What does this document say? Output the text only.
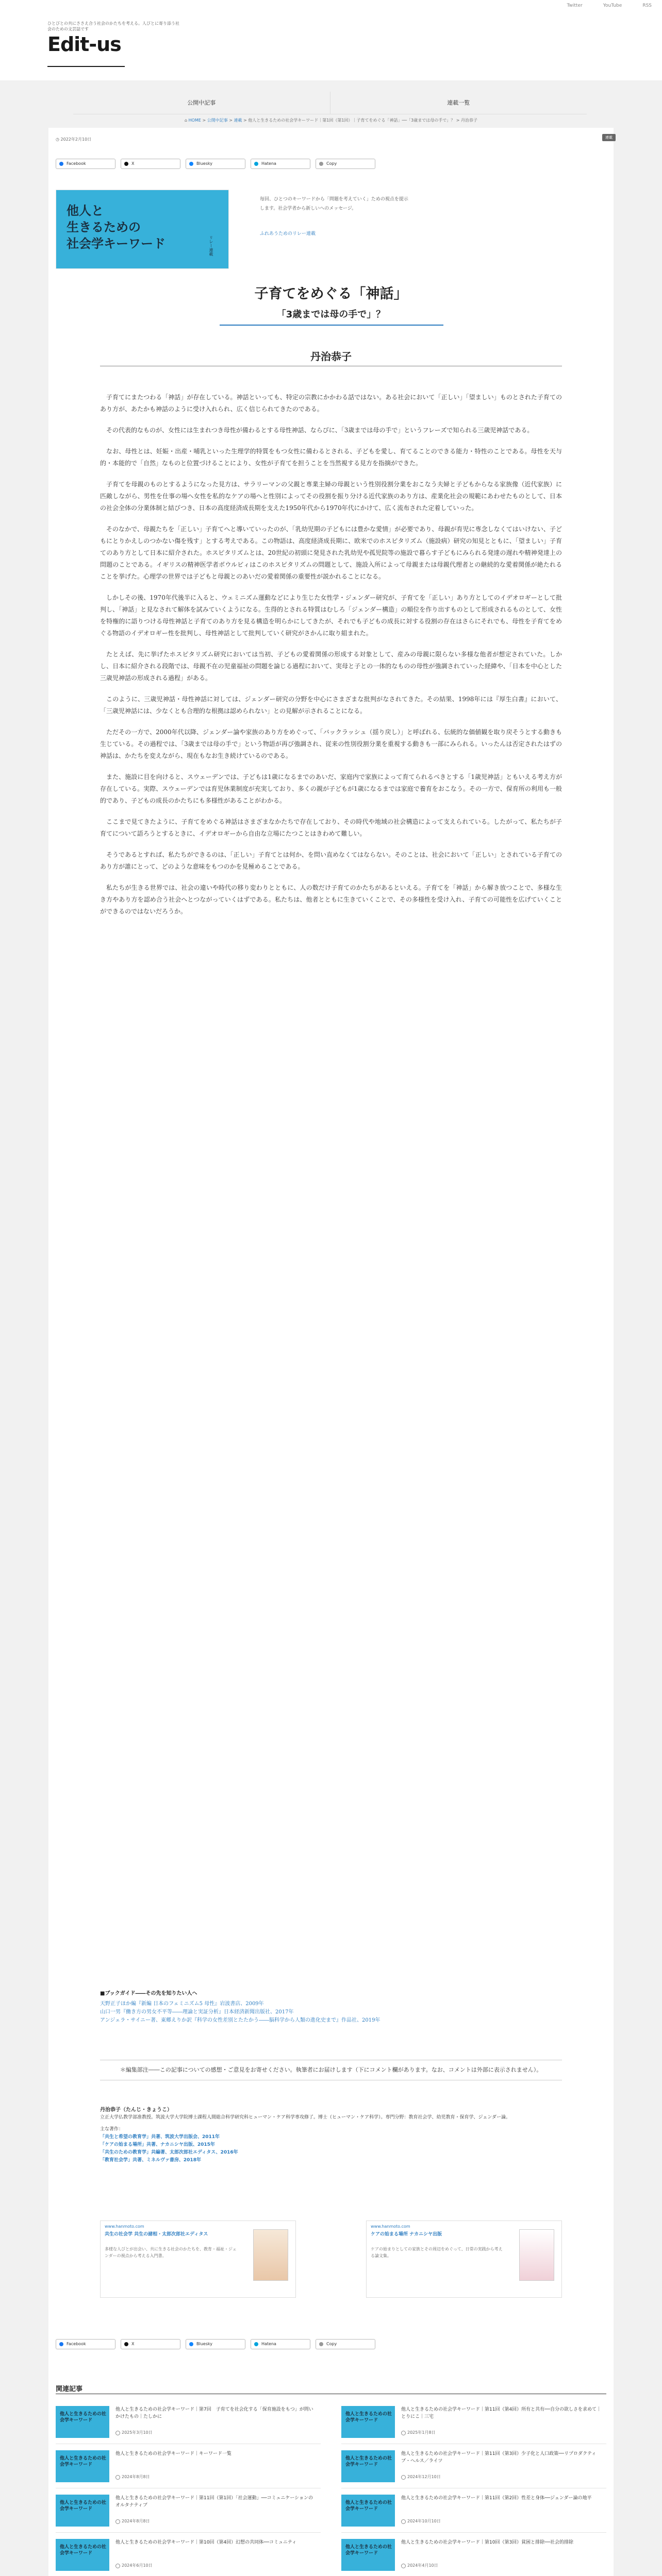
Twitter	YouTube	RSS
ひとびとの共にささえ合う社会のかたちを考える。人びとに寄り添う社会のための文芸誌です
Edit-us
公開中記事	連載一覧
⌂ HOME > 公開中記事 > 連載 > 他人と生きるための社会学キーワード｜第1回（第1回）｜子育てをめぐる「神話」──「3歳までは母の手で」？ > 丹治恭子
◷ 2022年2月10日	連載
Facebook	X	Bluesky	Hatena	Copy
他人と
生きるための
社会学キーワード	リレー連載
毎回、ひとつのキーワードから「問題を考えていく」ための視点を提示します。社会学者から新しいへのメッセージ。
ふれあうためのリレー連載
子育てをめぐる「神話」
「3歳までは母の手で」？
丹治恭子

子育てにまたつわる「神話」が存在している。神話といっても、特定の宗教にかかわる話ではない。ある社会において「正しい」「望ましい」ものとされた子育てのあり方が、あたかも神話のように受け入れられ、広く信じられてきたのである。

その代表的なものが、女性には生まれつき母性が備わるとする母性神話、ならびに、「3歳までは母の手で」というフレーズで知られる三歳児神話である。

なお、母性とは、妊娠・出産・哺乳といった生理学的特質をもつ女性に備わるとされる、子どもを愛し、育てることのできる能力・特性のことである。母性を天与的・本能的で「自然」なものと位置づけることにより、女性が子育てを担うことを当然視する見方を指摘ができた。

子育てを母親のものとするようになった見方は、サラリーマンの父親と専業主婦の母親という性別役割分業をおこなう夫婦と子どもからなる家族像（近代家族）に匹敵しながら、男性を仕事の場へ女性を私的なケアの場へと性別によってその役割を振り分ける近代家族のあり方は、産業化社会の規範にあわせたものとして、日本の社会全体の分業体制と結びつき、日本の高度経済成長期を支えた1950年代から1970年代にかけて、広く流布された定着していった。

そのなかで、母親たちを「正しい」子育てへと導いていったのが、「乳幼児期の子どもには豊かな愛情」が必要であり、母親が育児に専念しなくてはいけない、子どもにとりかえしのつかない傷を残す」とする考えである。この物語は、高度経済成長期に、欧米でのホスピタリズム（施設病）研究の知見とともに、「望ましい」子育てのあり方として日本に紹介された。ホスピタリズムとは、20世紀の初頭に発見された乳幼児や孤児院等の施設で暮らす子どもにみられる発達の遅れや精神発達上の問題のことである。イギリスの精神医学者ボウルビィはこのホスピタリズムの問題として、施設入所によって母親または母親代理者との継続的な愛着関係が絶たれることを挙げた。心理学の世界では子どもと母親とのあいだの愛着関係の重要性が説かれることになる。

しかしその後、1970年代後半に入ると、ウェミニズム運動などにより生じた女性学・ジェンダー研究が、子育てを「正しい」あり方としてのイデオロギーとして批判し、「神話」と見なされて解体を試みていくようになる。生得的とされる特質はむしろ「ジェンダー構造」の順位を作り出すものとして形成されるものとして、女性を特権的に語りつける母性神話と子育てのあり方を見る構造を明らかにしてきたが、それでも子どもの成長に対する役割の存在はさらにそれでも、母性を子育てをめぐる物語のイデオロギー性を批判し、母性神話として批判していく研究がさかんに取り組まれた。

たとえば、先に挙げたホスピタリズム研究においては当初、子どもの愛着関係の形成する対象として、産みの母親に限らない多様な他者が想定されていた。しかし、日本に紹介される段階では、母親不在の児童福祉の問題を論じる過程において、実母と子との一体的なものの母性が強調されていった経緯や、「日本を中心とした三歳児神話の形成される過程」がある。

このように、三歳児神話・母性神話に対しては、ジェンダー研究の分野を中心にさまざまな批判がなされてきた。その結果、1998年には『厚生白書』において、「三歳児神話には、少なくとも合理的な根拠は認められない」との見解が示されることになる。

ただその一方で、2000年代以降、ジェンダー論や家族のあり方をめぐって、「バックラッシュ（揺り戻し）」と呼ばれる、伝統的な価値観を取り戻そうとする動きも生じている。その過程では、「3歳までは母の手で」という物語が再び強調され、従来の性別役割分業を重視する動きも一部にみられる。いったんは否定されたはずの神話は、かたちを変えながら、現在もなお生き続けているのである。

また、施設に目を向けると、スウェーデンでは、子どもは1歳になるまでのあいだ、家庭内で家族によって育てられるべきとする「1歳児神話」ともいえる考え方が存在している。実際、スウェーデンでは育児休業制度が充実しており、多くの親が子どもが1歳になるまでは家庭で養育をおこなう。その一方で、保育所の利用も一般的であり、子どもの成長のかたちにも多様性があることがわかる。

ここまで見てきたように、子育てをめぐる神話はさまざまなかたちで存在しており、その時代や地域の社会構造によって支えられている。したがって、私たちが子育てについて語ろうとするときに、イデオロギーから自由な立場にたつことはきわめて難しい。

そうであるとすれば、私たちができるのは、「正しい」子育てとは何か、を問い直めなくてはならない。そのことは、社会において「正しい」とされている子育てのあり方が誰にとって、どのような意味をもつのかを見極めることである。

私たちが生きる世界では、社会の違いや時代の移り変わりとともに、人の数だけ子育てのかたちがあるといえる。子育てを「神話」から解き放つことで、多様な生き方やあり方を認め合う社会へとつながっていくはずである。私たちは、他者とともに生きていくことで、その多様性を受け入れ、子育ての可能性を広げていくことができるのではないだろうか。

■ブックガイド――その先を知りたい人へ
天野正子ほか編『新編 日本のフェミニズム5 母性』岩波書店、2009年
山口一男『働き方の男女不平等――理論と実証分析』日本経済新聞出版社、2017年
アンジェラ・サイニー著、東郷えりか訳『科学の女性差別とたたかう――脳科学から人類の進化史まで』作品社、2019年
＊編集部注――この記事についての感想・ご意見をお寄せください。執筆者にお届けします（下にコメント欄があります。なお、コメントは外部に表示されません）。
丹治恭子（たんじ・きょうこ）
立正大学仏教学部准教授。筑波大学大学院博士課程人間総合科学研究科ヒューマン・ケア科学専攻修了。博士（ヒューマン・ケア科学）。専門分野：教育社会学、幼児教育・保育学、ジェンダー論。
主な著作：
「共生と希望の教育学」共著、筑波大学出版会、2011年
「ケアの始まる場所」共著、ナカニシヤ出版、2015年
「共生のための教育学」共編著、太郎次郎社エディタス、2016年
「教育社会学」共著、ミネルヴァ書房、2018年
www.hanmoto.com
共生の社会学 共生の諸相・太郎次郎社エディタス
多様な人びとが出会い、共に生きる社会のかたちを、教育・福祉・ジェンダーの視点から考える入門書。
www.hanmoto.com
ケアの始まる場所 ナカニシヤ出版
ケアの始まりとしての家族とその周辺をめぐって、日常の実践から考える論文集。
Facebook	X	Bluesky	Hatena	Copy
関連記事
他人と生きるための社会学キーワード
他人と生きるための社会学キーワード｜第7回　子育てを社会化する「保育施設をもつ」が問いかけたもの｜たしかに
2025年3月10日
他人と生きるための社会学キーワード
他人と生きるための社会学キーワード｜第11回（第4回）所有と共有──自分の欲しさを求めて｜とりにこ｜三宅
2025年1月8日
他人と生きるための社会学キーワード
他人と生きるための社会学キーワード｜キーワード一覧
2024年8月8日
他人と生きるための社会学キーワード
他人と生きるための社会学キーワード｜第11回（第3回）少子化と人口政策──リプロダクティブ・ヘルス／ライツ
2024年12月10日
他人と生きるための社会学キーワード
他人と生きるための社会学キーワード｜第11回（第1回）「社会運動」──コミュニケーションのオルタナティブ
2024年8月8日
他人と生きるための社会学キーワード
他人と生きるための社会学キーワード｜第11回（第2回）性差と身体──ジェンダー論の地平
2024年10月10日
他人と生きるための社会学キーワード
他人と生きるための社会学キーワード｜第10回（第4回）幻想の共同体──コミュニティ
2024年6月10日
他人と生きるための社会学キーワード
他人と生きるための社会学キーワード｜第10回（第3回）貧困と排除──社会的排除
2024年4月10日
